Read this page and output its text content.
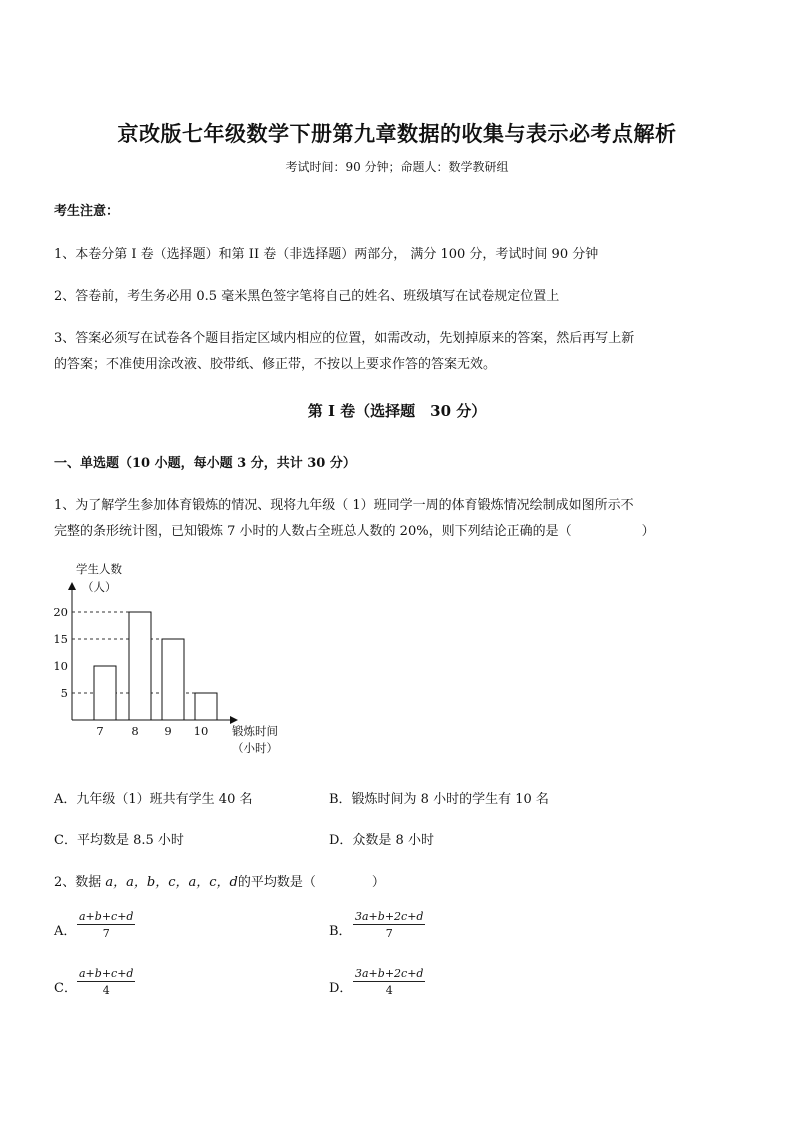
京改版七年级数学下册第九章数据的收集与表示必考点解析
考试时间：90 分钟；命题人：数学教研组
考生注意：
1、本卷分第 I 卷（选择题）和第 II 卷（非选择题）两部分， 满分 100 分，考试时间 90 分钟
2、答卷前，考生务必用 0.5 毫米黑色签字笔将自己的姓名、班级填写在试卷规定位置上
3、答案必须写在试卷各个题目指定区域内相应的位置，如需改动，先划掉原来的答案，然后再写上新
的答案；不准使用涂改液、胶带纸、修正带，不按以上要求作答的答案无效。
第 I 卷（选择题　30 分）
一、单选题（10 小题，每小题 3 分，共计 30 分）
1、为了解学生参加体育锻炼的情况、现将九年级（ 1）班同学一周的体育锻炼情况绘制成如图所示不
完整的条形统计图，已知锻炼 7 小时的人数占全班总人数的 20%，则下列结论正确的是（	）
学生人数
（人）
5
10
15
20
7 8 9 10 锻炼时间
（小时）
A．九年级（1）班共有学生 40 名	B．锻炼时间为 8 小时的学生有 10 名
C．平均数是 8.5 小时	D．众数是 8 小时
2、数据 a，a，b，c，a，c，d的平均数是（	）
A． $\frac{a+b+c+d}{7}$	B． $\frac{3a+b+2c+d}{7}$
C． $\frac{a+b+c+d}{4}$	D． $\frac{3a+b+2c+d}{4}$
